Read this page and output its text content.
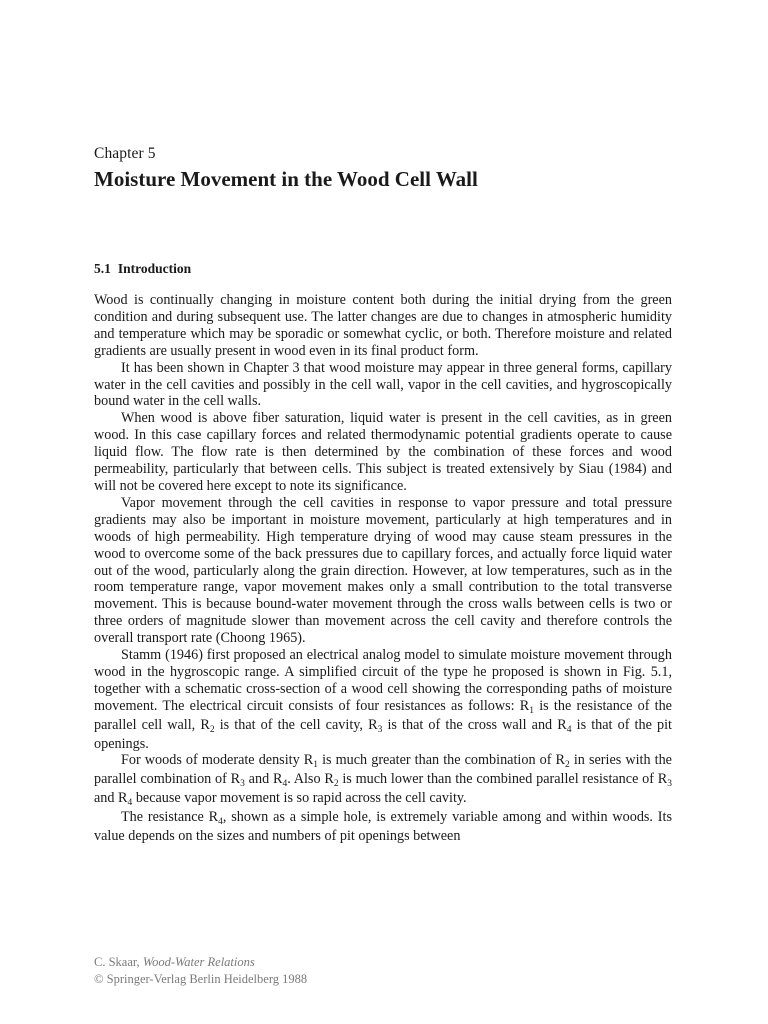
Chapter 5
Moisture Movement in the Wood Cell Wall
5.1 Introduction

Wood is continually changing in moisture content both during the initial drying from the green condition and during subsequent use. The latter changes are due to changes in atmospheric humidity and temperature which may be sporadic or somewhat cyclic, or both. Therefore moisture and related gradients are usually present in wood even in its final product form.

It has been shown in Chapter 3 that wood moisture may appear in three general forms, capillary water in the cell cavities and possibly in the cell wall, vapor in the cell cavities, and hygroscopically bound water in the cell walls.

When wood is above fiber saturation, liquid water is present in the cell cavities, as in green wood. In this case capillary forces and related thermodynamic potential gradients operate to cause liquid flow. The flow rate is then determined by the combination of these forces and wood permeability, particularly that between cells. This subject is treated extensively by Siau (1984) and will not be covered here except to note its significance.

Vapor movement through the cell cavities in response to vapor pressure and total pressure gradients may also be important in moisture movement, particularly at high temperatures and in woods of high permeability. High temperature drying of wood may cause steam pressures in the wood to overcome some of the back pressures due to capillary forces, and actually force liquid water out of the wood, particularly along the grain direction. However, at low temperatures, such as in the room temperature range, vapor movement makes only a small contribution to the total transverse movement. This is because bound-water movement through the cross walls between cells is two or three orders of magnitude slower than movement across the cell cavity and therefore controls the overall transport rate (Choong 1965).

Stamm (1946) first proposed an electrical analog model to simulate moisture movement through wood in the hygroscopic range. A simplified circuit of the type he proposed is shown in Fig. 5.1, together with a schematic cross-section of a wood cell showing the corresponding paths of moisture movement. The electrical circuit consists of four resistances as follows: $R_1$ is the resistance of the parallel cell wall, $R_2$ is that of the cell cavity, $R_3$ is that of the cross wall and $R_4$ is that of the pit openings.

For woods of moderate density $R_1$ is much greater than the combination of $R_2$ in series with the parallel combination of $R_3$ and $R_4$. Also $R_2$ is much lower than the combined parallel resistance of $R_3$ and $R_4$ because vapor movement is so rapid across the cell cavity.

The resistance $R_4$, shown as a simple hole, is extremely variable among and within woods. Its value depends on the sizes and numbers of pit openings between

C. Skaar, Wood-Water Relations
© Springer-Verlag Berlin Heidelberg 1988
